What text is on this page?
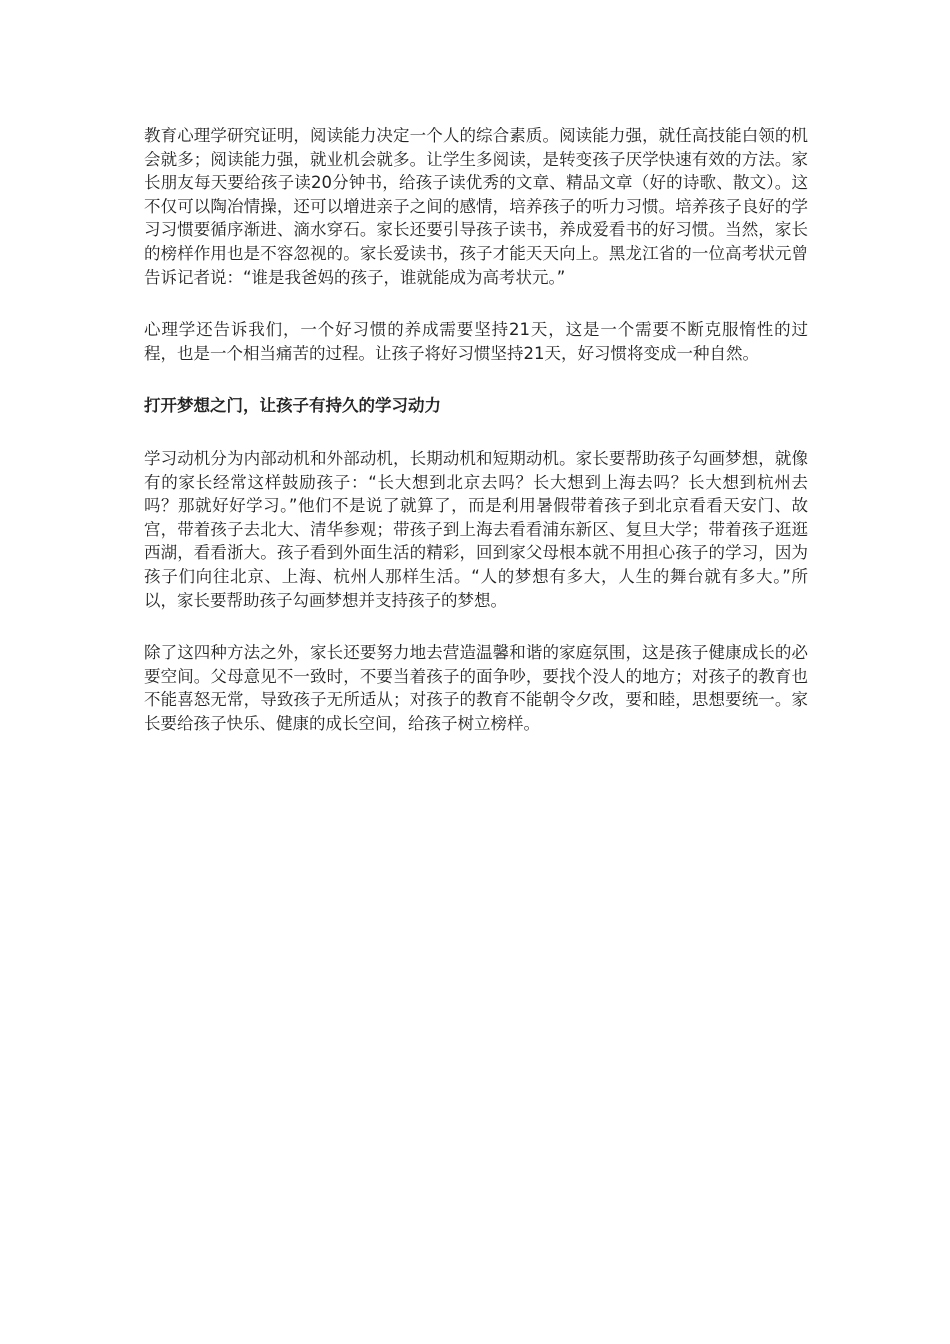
教育心理学研究证明，阅读能力决定一个人的综合素质。阅读能力强，就任高技能白领的机会就多；阅读能力强，就业机会就多。让学生多阅读，是转变孩子厌学快速有效的方法。家长朋友每天要给孩子读20分钟书，给孩子读优秀的文章、精品文章（好的诗歌、散文）。这不仅可以陶冶情操，还可以增进亲子之间的感情，培养孩子的听力习惯。培养孩子良好的学习习惯要循序渐进、滴水穿石。家长还要引导孩子读书，养成爱看书的好习惯。当然，家长的榜样作用也是不容忽视的。家长爱读书，孩子才能天天向上。黑龙江省的一位高考状元曾告诉记者说：“谁是我爸妈的孩子，谁就能成为高考状元。”

心理学还告诉我们，一个好习惯的养成需要坚持21天，这是一个需要不断克服惰性的过程，也是一个相当痛苦的过程。让孩子将好习惯坚持21天，好习惯将变成一种自然。

打开梦想之门，让孩子有持久的学习动力

学习动机分为内部动机和外部动机，长期动机和短期动机。家长要帮助孩子勾画梦想，就像有的家长经常这样鼓励孩子：“长大想到北京去吗？长大想到上海去吗？长大想到杭州去吗？那就好好学习。”他们不是说了就算了，而是利用暑假带着孩子到北京看看天安门、故宫，带着孩子去北大、清华参观；带孩子到上海去看看浦东新区、复旦大学；带着孩子逛逛西湖，看看浙大。孩子看到外面生活的精彩，回到家父母根本就不用担心孩子的学习，因为孩子们向往北京、上海、杭州人那样生活。“人的梦想有多大，人生的舞台就有多大。”所以，家长要帮助孩子勾画梦想并支持孩子的梦想。

除了这四种方法之外，家长还要努力地去营造温馨和谐的家庭氛围，这是孩子健康成长的必要空间。父母意见不一致时，不要当着孩子的面争吵，要找个没人的地方；对孩子的教育也不能喜怒无常，导致孩子无所适从；对孩子的教育不能朝令夕改，要和睦，思想要统一。家长要给孩子快乐、健康的成长空间，给孩子树立榜样。
